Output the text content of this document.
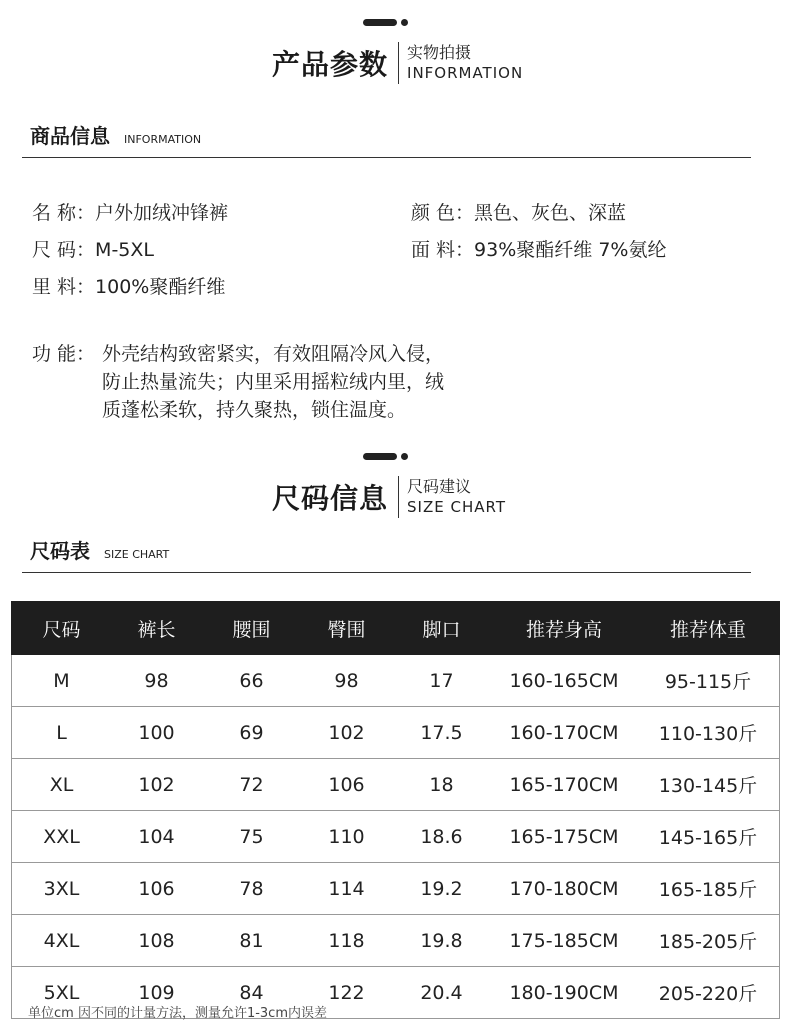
产品参数 实物拍摄
INFORMATION
商品信息 INFORMATION
名 称：户外加绒冲锋裤	颜 色：黑色、灰色、深蓝
尺 码：M-5XL	面 料：93%聚酯纤维 7%氨纶
里 料：100%聚酯纤维
功 能： 外壳结构致密紧实，有效阻隔冷风入侵，
防止热量流失；内里采用摇粒绒内里，绒
质蓬松柔软，持久聚热，锁住温度。
尺码信息 尺码建议
SIZE CHART
尺码表 SIZE CHART
尺码	裤长	腰围	臀围	脚口	推荐身高	推荐体重
M	98	66	98	17	160-165CM	95-115斤
L	100	69	102	17.5	160-170CM	110-130斤
XL	102	72	106	18	165-170CM	130-145斤
XXL	104	75	110	18.6	165-175CM	145-165斤
3XL	106	78	114	19.2	170-180CM	165-185斤
4XL	108	81	118	19.8	175-185CM	185-205斤
5XL	109	84	122	20.4	180-190CM	205-220斤
单位cm 因不同的计量方法，测量允许1-3cm内误差
